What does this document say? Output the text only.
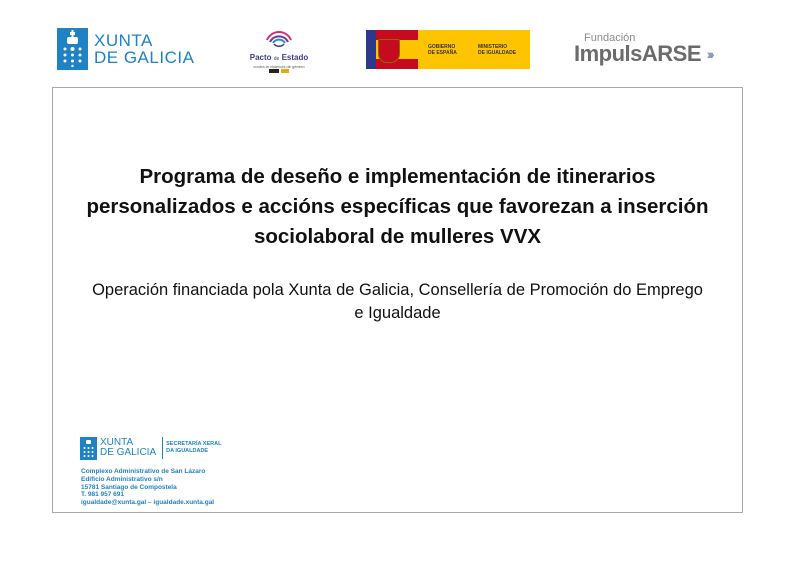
XUNTA
DE GALICIA	Pacto de Estado
contra la violencia de género

GOBIERNO
DE ESPAÑA
MINISTERIO
DE IGUALDADE
Fundación
ImpulsARSE ›››
Programa de deseño e implementación de itinerarios
personalizados e accións específicas que favorezan a inserción
sociolaboral de mulleres VVX
Operación financiada pola Xunta de Galicia, Consellería de Promoción do Emprego
e Igualdade
XUNTA
DE GALICIA
SECRETARÍA XERAL
DA IGUALDADE
Complexo Administrativo de San Lázaro
Edificio Administrativo s/n
15781 Santiago de Compostela
T. 981 957 691
igualdade@xunta.gal – igualdade.xunta.gal
